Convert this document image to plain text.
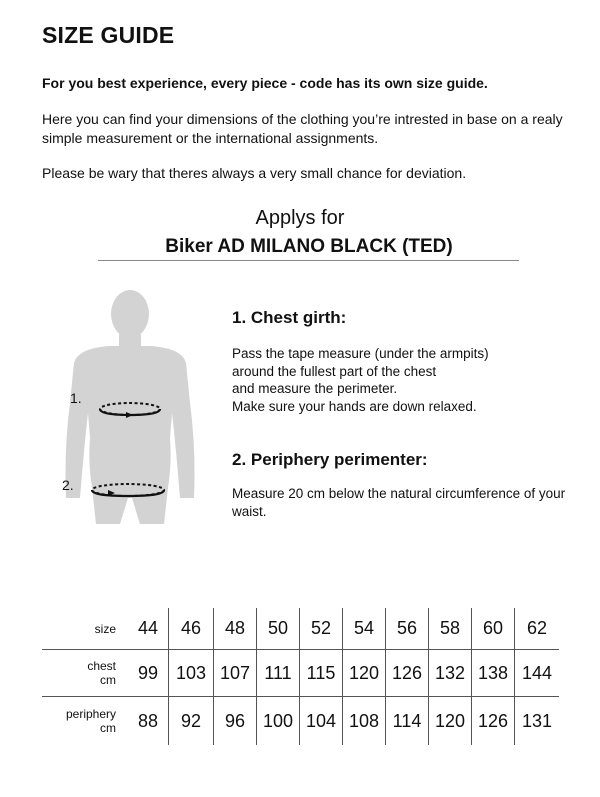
SIZE GUIDE

For you best experience, every piece - code has its own size guide.

Here you can find your dimensions of the clothing you’re intrested in base on a realy simple measurement or the international assignments.

Please be wary that theres always a very small chance for deviation.

Applys for

Biker AD MILANO BLACK (TED)

1.
2.
1. Chest girth:

Pass the tape measure (under the armpits)
around the fullest part of the chest
and measure the perimeter.
Make sure your hands are down relaxed.

2. Periphery perimenter:

Measure 20 cm below the natural circumference of your waist.

size	44	46	48	50	52	54	56	58	60	62

chest
cm	99	103	107	111	115	120	126	132	138	144

periphery
cm	88	92	96	100	104	108	114	120	126	131
